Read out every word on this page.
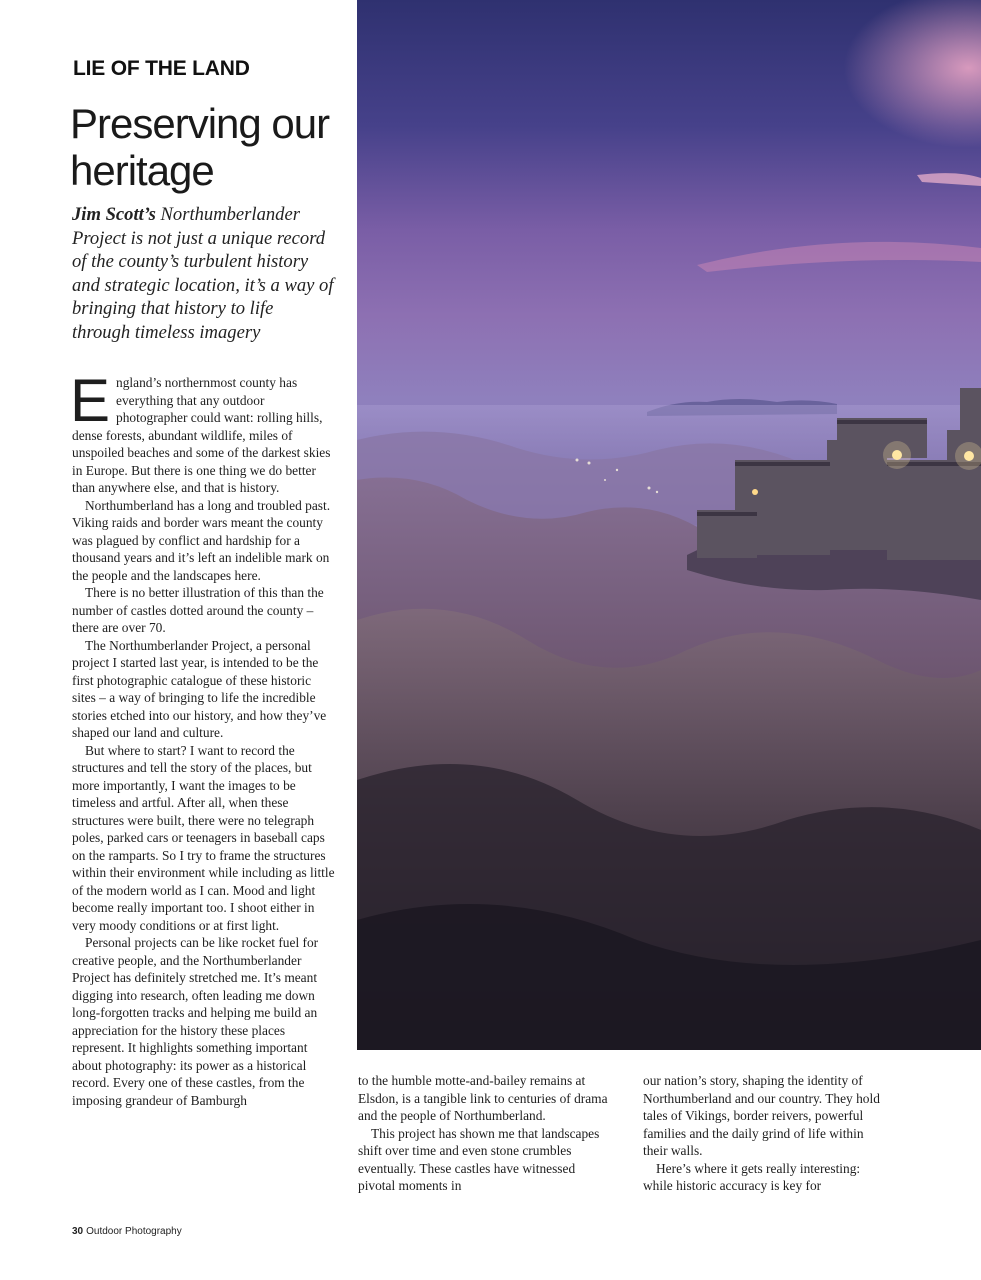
LIE OF THE LAND
Preserving our heritage

Jim Scott’s Northumberlander Project is not just a unique record of the county’s turbulent history and strategic location, it’s a way of bringing that history to life through timeless imagery

England’s northernmost county has everything that any outdoor photographer could want: rolling hills, dense forests, abundant wildlife, miles of unspoiled beaches and some of the darkest skies in Europe. But there is one thing we do better than anywhere else, and that is history.

Northumberland has a long and troubled past. Viking raids and border wars meant the county was plagued by conflict and hardship for a thousand years and it’s left an indelible mark on the people and the landscapes here.

There is no better illustration of this than the number of castles dotted around the county – there are over 70.

The Northumberlander Project, a personal project I started last year, is intended to be the first photographic catalogue of these historic sites – a way of bringing to life the incredible stories etched into our history, and how they’ve shaped our land and culture.

But where to start? I want to record the structures and tell the story of the places, but more importantly, I want the images to be timeless and artful. After all, when these structures were built, there were no telegraph poles, parked cars or teenagers in baseball caps on the ramparts. So I try to frame the structures within their environment while including as little of the modern world as I can. Mood and light become really important too. I shoot either in very moody conditions or at first light.

Personal projects can be like rocket fuel for creative people, and the Northumberlander Project has definitely stretched me. It’s meant digging into research, often leading me down long-forgotten tracks and helping me build an appreciation for the history these places represent. It highlights something important about photography: its power as a historical record. Every one of these castles, from the imposing grandeur of Bamburgh

to the humble motte-and-bailey remains at Elsdon, is a tangible link to centuries of drama and the people of Northumberland.

This project has shown me that landscapes shift over time and even stone crumbles eventually. These castles have witnessed pivotal moments in

our nation’s story, shaping the identity of Northumberland and our country. They hold tales of Vikings, border reivers, powerful families and the daily grind of life within their walls.

Here’s where it gets really interesting: while historic accuracy is key for

30 Outdoor Photography
